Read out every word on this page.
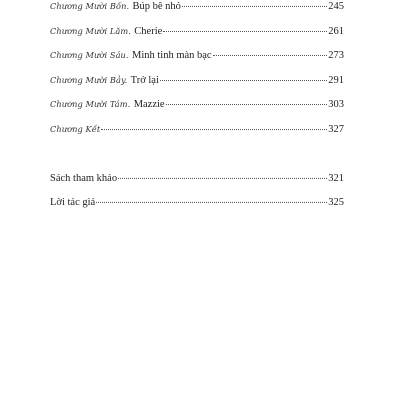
Chương Mười Bốn. Búp bê nhỏ	245
Chương Mười Lăm. Cherie	261
Chương Mười Sáu. Minh tinh màn bạc	273
Chương Mười Bảy. Trở lại	291
Chương Mười Tám. Mazzie	303
Chương Kết	327
Sách tham khảo	321
Lời tác giả	325
